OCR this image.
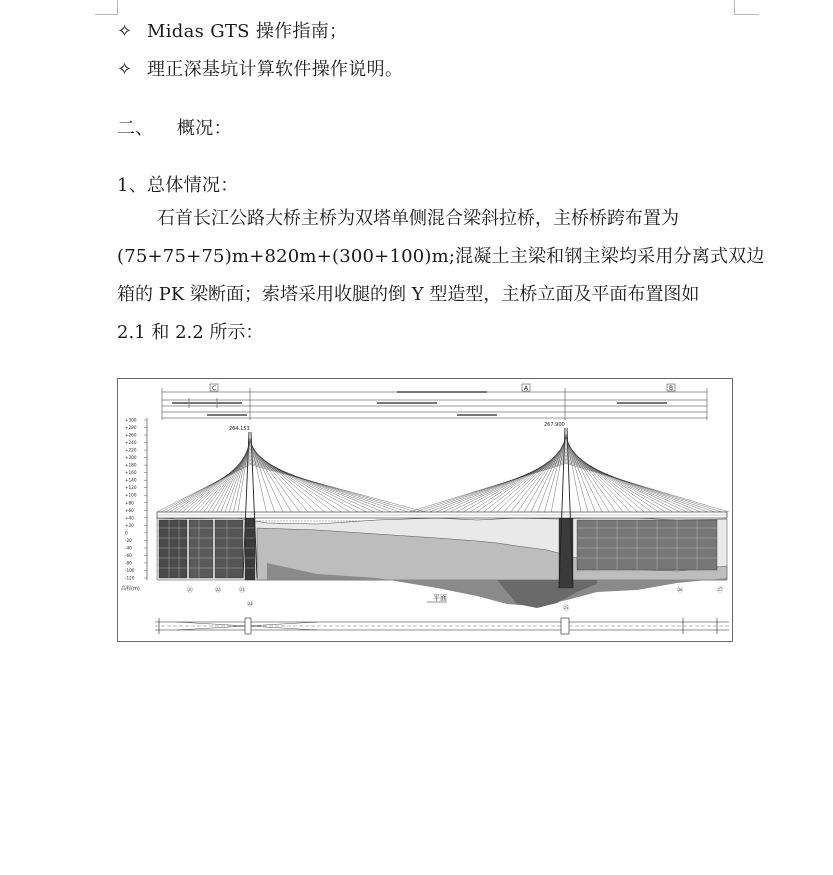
✧ Midas GTS 操作指南；
✧ 理正深基坑计算软件操作说明。
二、 概况：
1、总体情况：
石首长江公路大桥主桥为双塔单侧混合梁斜拉桥，主桥桥跨布置为
(75+75+75)m+820m+(300+100)m;混凝土主梁和钢主梁均采用分离式双边
箱的 PK 梁断面；索塔采用收腿的倒 Y 型造型，主桥立面及平面布置图如
2.1 和 2.2 所示：
C	A	B
+300
+280
+260
+240
+220
+200
+180
+160
+140
+120
+100
+80
+60
+40
+20
0
-20
-40
-60
-80
-100
-120
高程(m)
264.153
267.900
㉑	㉒	㉓
㉔
㉕
㉖	㉗
平面
